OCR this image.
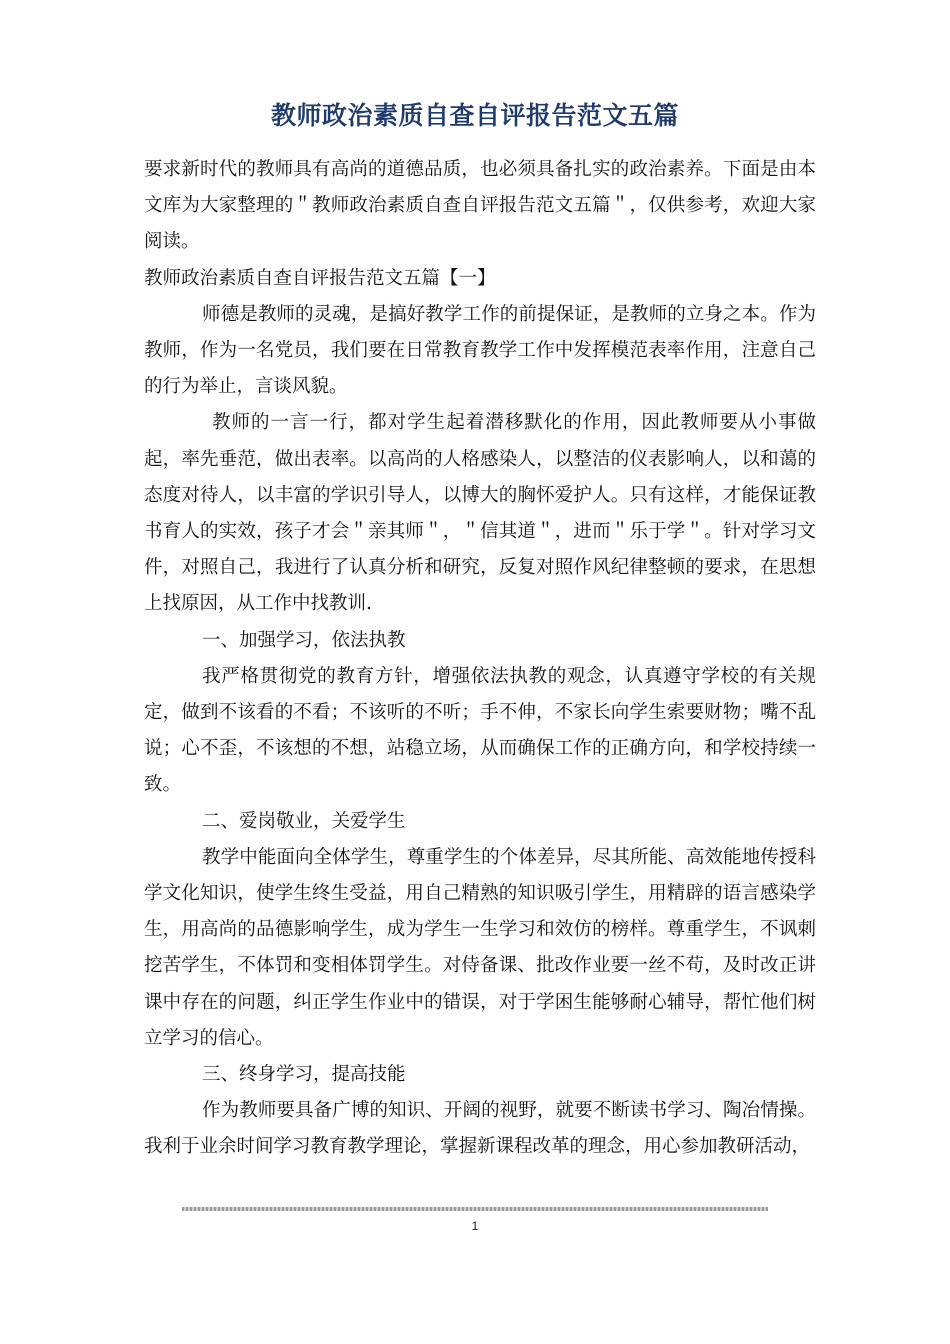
教师政治素质自查自评报告范文五篇

要求新时代的教师具有高尚的道德品质，也必须具备扎实的政治素养。下面是由本文库为大家整理的＂教师政治素质自查自评报告范文五篇＂，仅供参考，欢迎大家阅读。

教师政治素质自查自评报告范文五篇【一】

师德是教师的灵魂，是搞好教学工作的前提保证，是教师的立身之本。作为教师，作为一名党员，我们要在日常教育教学工作中发挥模范表率作用，注意自己的行为举止，言谈风貌。

教师的一言一行，都对学生起着潜移默化的作用，因此教师要从小事做起，率先垂范，做出表率。以高尚的人格感染人，以整洁的仪表影响人，以和蔼的态度对待人，以丰富的学识引导人，以博大的胸怀爱护人。只有这样，才能保证教书育人的实效，孩子才会＂亲其师＂，＂信其道＂，进而＂乐于学＂。针对学习文件，对照自己，我进行了认真分析和研究，反复对照作风纪律整顿的要求，在思想上找原因，从工作中找教训.

一、加强学习，依法执教

我严格贯彻党的教育方针，增强依法执教的观念，认真遵守学校的有关规定，做到不该看的不看；不该听的不听；手不伸，不家长向学生索要财物；嘴不乱说；心不歪，不该想的不想，站稳立场，从而确保工作的正确方向，和学校持续一致。

二、爱岗敬业，关爱学生

教学中能面向全体学生，尊重学生的个体差异，尽其所能、高效能地传授科学文化知识，使学生终生受益，用自己精熟的知识吸引学生，用精辟的语言感染学生，用高尚的品德影响学生，成为学生一生学习和效仿的榜样。尊重学生，不讽刺挖苦学生，不体罚和变相体罚学生。对侍备课、批改作业要一丝不苟，及时改正讲课中存在的问题，纠正学生作业中的错误，对于学困生能够耐心辅导，帮忙他们树立学习的信心。

三、终身学习，提高技能

作为教师要具备广博的知识、开阔的视野，就要不断读书学习、陶冶情操。我利于业余时间学习教育教学理论，掌握新课程改革的理念，用心参加教研活动，

1
